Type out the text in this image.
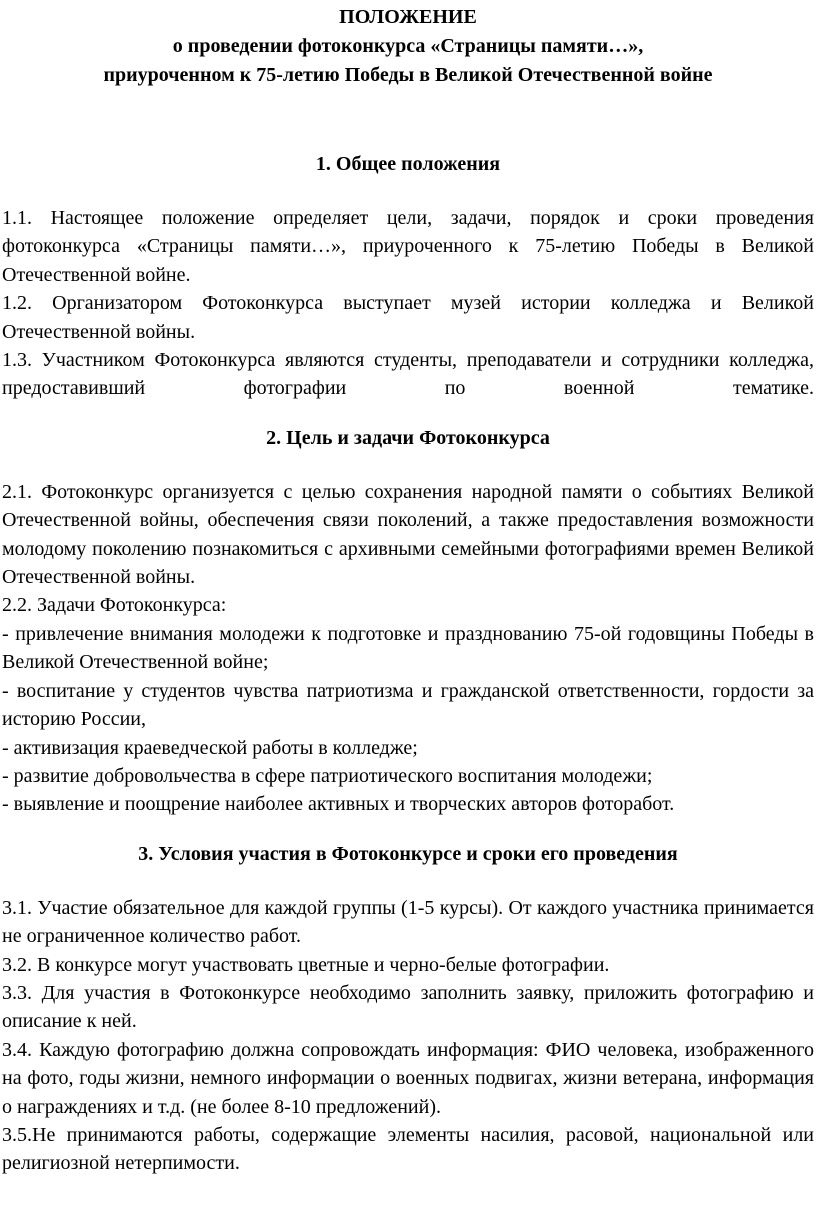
ПОЛОЖЕНИЕ
о проведении фотоконкурса «Страницы памяти…»,
приуроченном к 75-летию Победы в Великой Отечественной войне
1. Общее положения

1.1. Настоящее положение определяет цели, задачи, порядок и сроки проведения фотоконкурса «Страницы памяти…», приуроченного к 75-летию Победы в Великой Отечественной войне.

1.2. Организатором Фотоконкурса выступает музей истории колледжа и Великой Отечественной войны.

1.3. Участником Фотоконкурса являются студенты, преподаватели и сотрудники колледжа, предоставивший фотографии по военной тематике.

2. Цель и задачи Фотоконкурса

2.1. Фотоконкурс организуется с целью сохранения народной памяти о событиях Великой Отечественной войны, обеспечения связи поколений, а также предоставления возможности молодому поколению познакомиться с архивными семейными фотографиями времен Великой Отечественной войны.

2.2. Задачи Фотоконкурса:

- привлечение внимания молодежи к подготовке и празднованию 75-ой годовщины Победы в Великой Отечественной войне;

- воспитание у студентов чувства патриотизма и гражданской ответственности, гордости за историю России,

- активизация краеведческой работы в колледже;

- развитие добровольчества в сфере патриотического воспитания молодежи;

- выявление и поощрение наиболее активных и творческих авторов фоторабот.

3. Условия участия в Фотоконкурсе и сроки его проведения

3.1. Участие обязательное для каждой группы (1-5 курсы). От каждого участника принимается не ограниченное количество работ.

3.2. В конкурсе могут участвовать цветные и черно-белые фотографии.

3.3. Для участия в Фотоконкурсе необходимо заполнить заявку, приложить фотографию и описание к ней.

3.4. Каждую фотографию должна сопровождать информация: ФИО человека, изображенного на фото, годы жизни, немного информации о военных подвигах, жизни ветерана, информация о награждениях и т.д. (не более 8-10 предложений).

3.5.Не принимаются работы, содержащие элементы насилия, расовой, национальной или религиозной нетерпимости.
